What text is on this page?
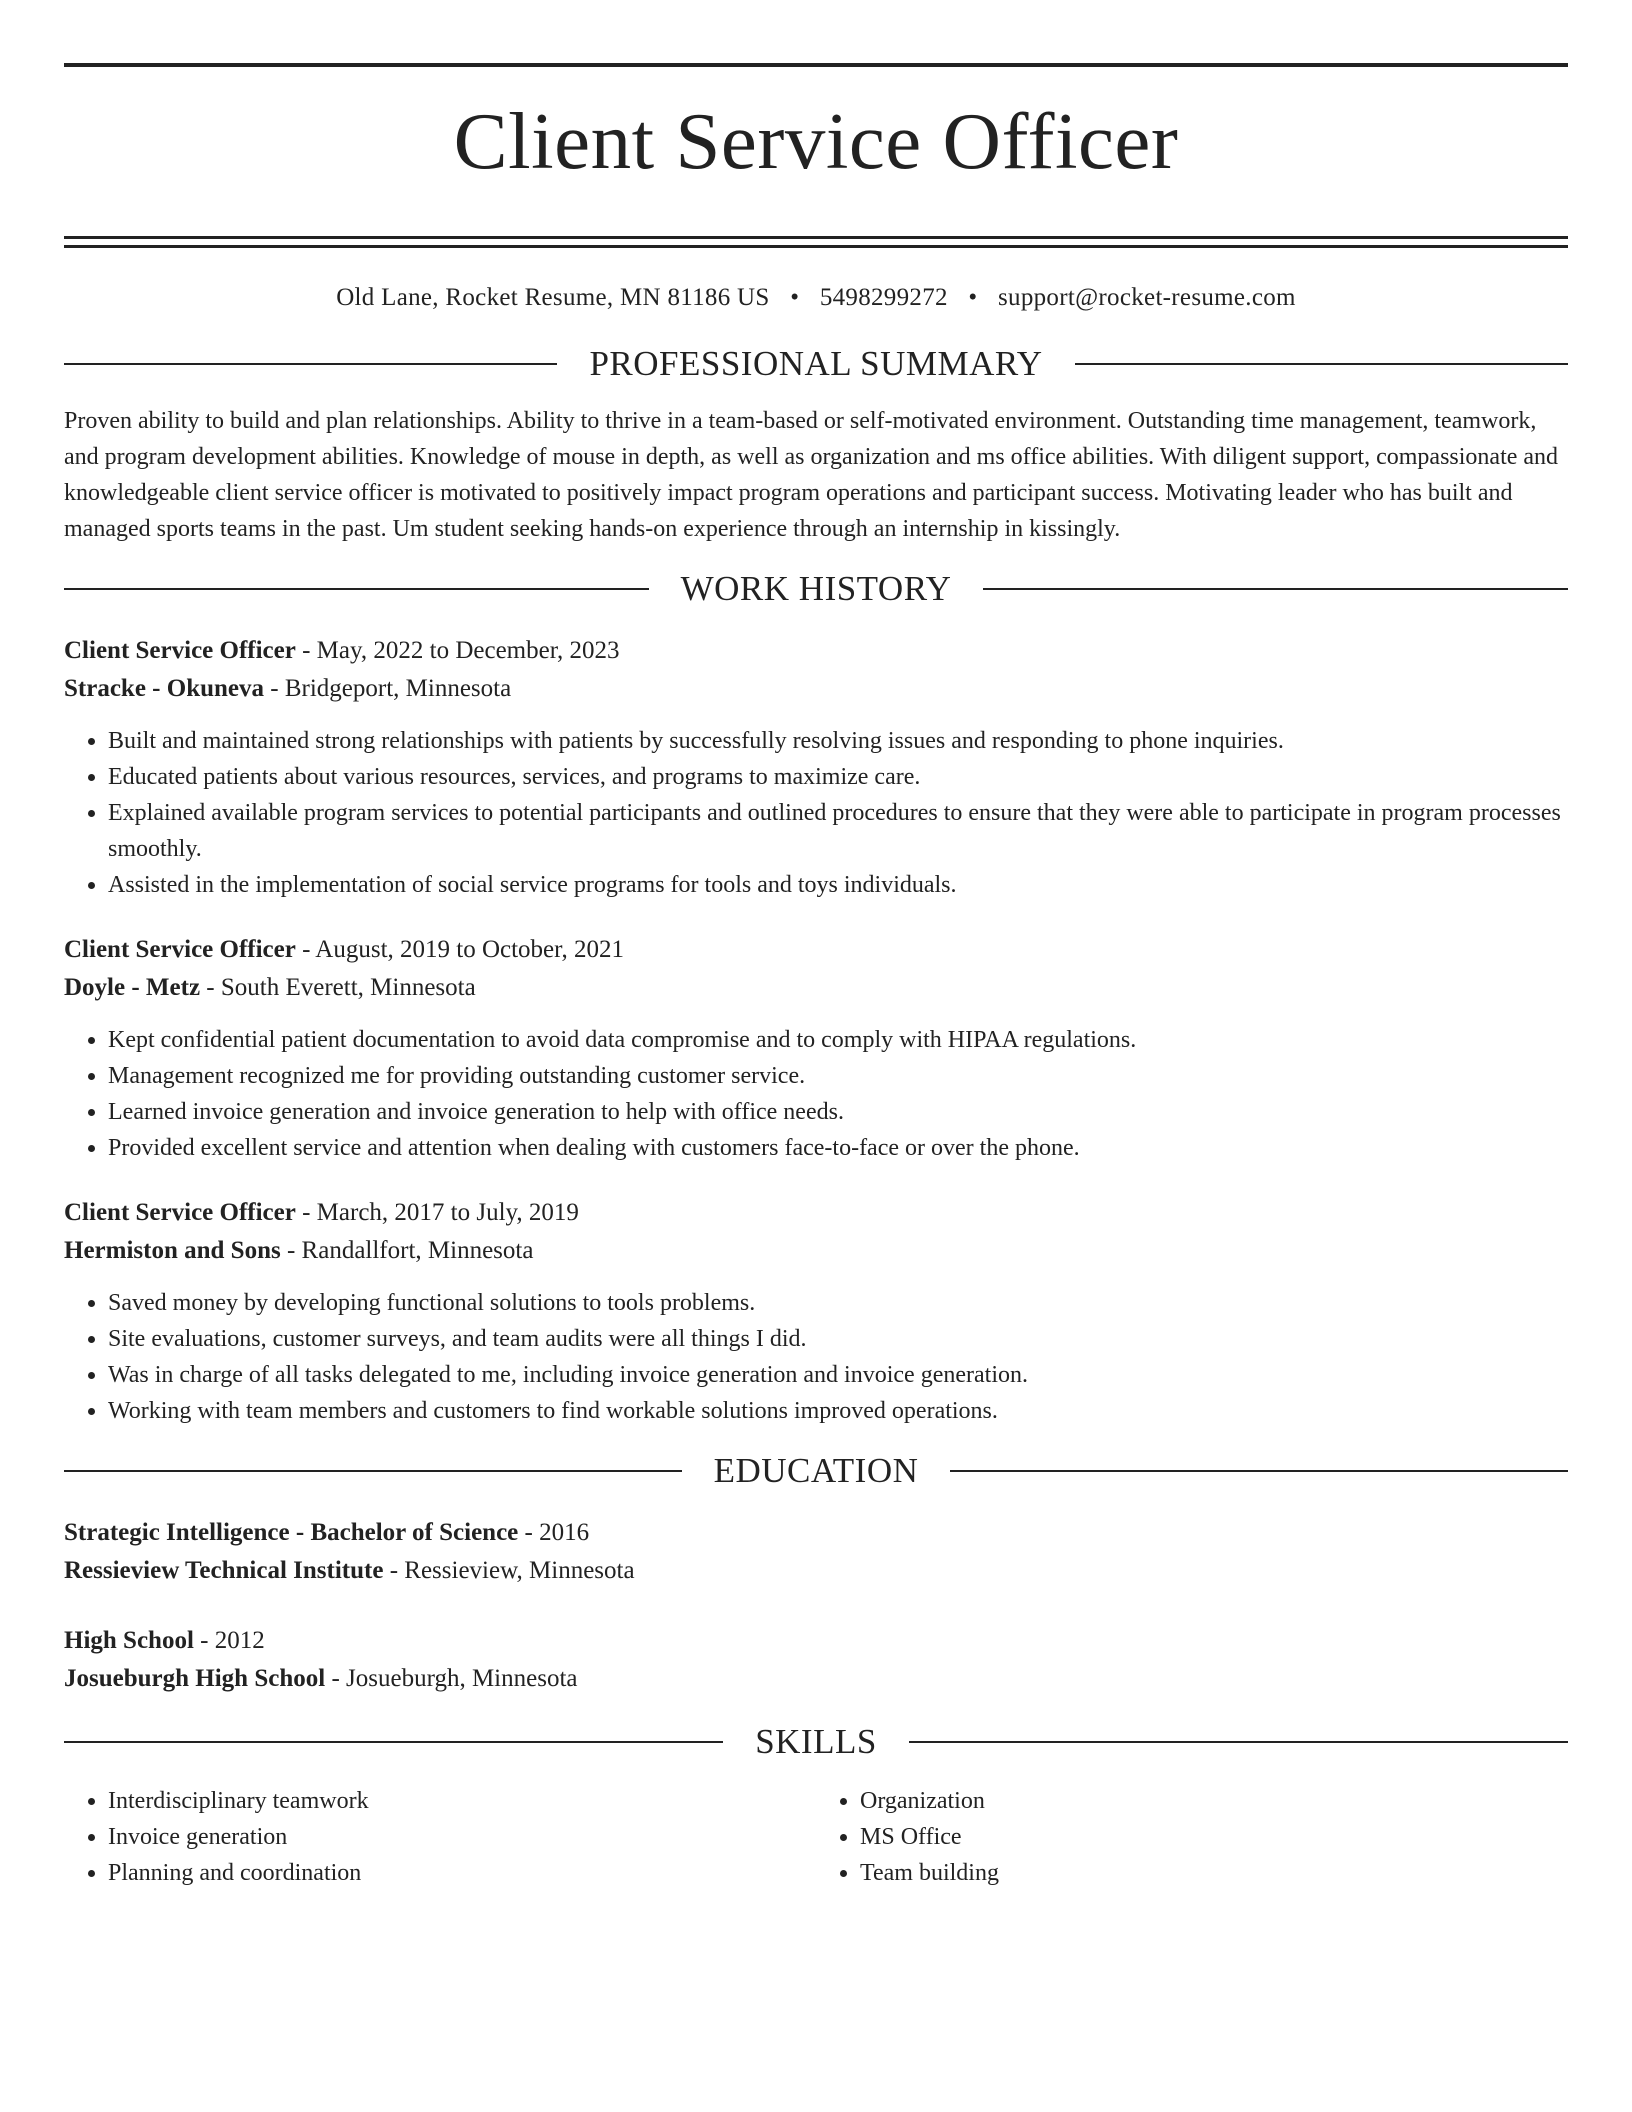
Client Service Officer
Old Lane, Rocket Resume, MN 81186 US • 5498299272 • support@rocket-resume.com
PROFESSIONAL SUMMARY

Proven ability to build and plan relationships. Ability to thrive in a team-based or self-motivated environment. Outstanding time management, teamwork, and program development abilities. Knowledge of mouse in depth, as well as organization and ms office abilities. With diligent support, compassionate and knowledgeable client service officer is motivated to positively impact program operations and participant success. Motivating leader who has built and managed sports teams in the past. Um student seeking hands-on experience through an internship in kissingly.

WORK HISTORY
Client Service Officer - May, 2022 to December, 2023
Stracke - Okuneva - Bridgeport, Minnesota
• Built and maintained strong relationships with patients by successfully resolving issues and responding to phone inquiries.
• Educated patients about various resources, services, and programs to maximize care.
• Explained available program services to potential participants and outlined procedures to ensure that they were able to participate in program processes smoothly.
• Assisted in the implementation of social service programs for tools and toys individuals.
Client Service Officer - August, 2019 to October, 2021
Doyle - Metz - South Everett, Minnesota
• Kept confidential patient documentation to avoid data compromise and to comply with HIPAA regulations.
• Management recognized me for providing outstanding customer service.
• Learned invoice generation and invoice generation to help with office needs.
• Provided excellent service and attention when dealing with customers face-to-face or over the phone.
Client Service Officer - March, 2017 to July, 2019
Hermiston and Sons - Randallfort, Minnesota
• Saved money by developing functional solutions to tools problems.
• Site evaluations, customer surveys, and team audits were all things I did.
• Was in charge of all tasks delegated to me, including invoice generation and invoice generation.
• Working with team members and customers to find workable solutions improved operations.
EDUCATION
Strategic Intelligence - Bachelor of Science - 2016
Ressieview Technical Institute - Ressieview, Minnesota
High School - 2012
Josueburgh High School - Josueburgh, Minnesota
SKILLS
• Interdisciplinary teamwork
• Invoice generation
• Planning and coordination
• Organization
• MS Office
• Team building
